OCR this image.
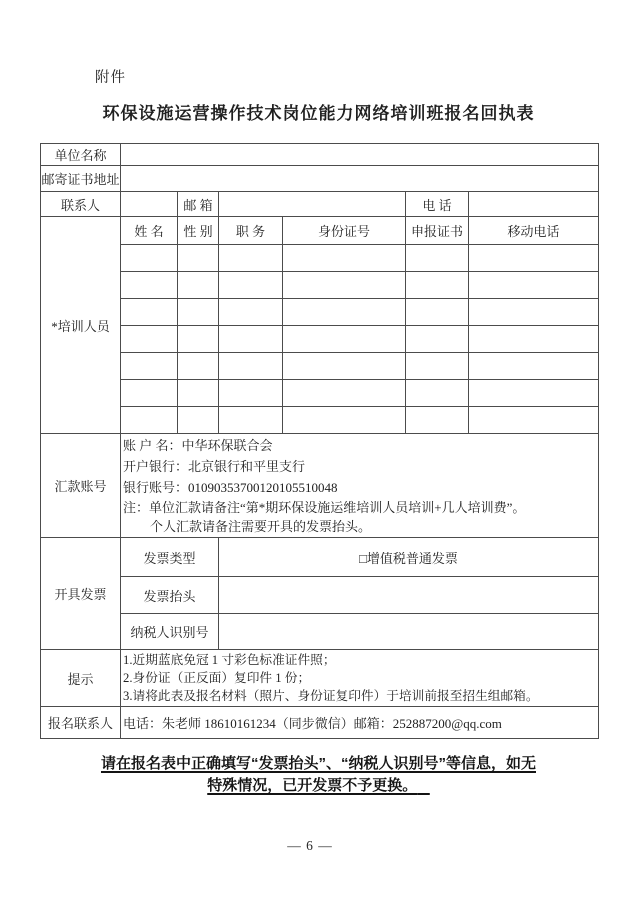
附件
环保设施运营操作技术岗位能力网络培训班报名回执表
单位名称						
邮寄证书地址						
联系人		邮 箱			电 话	
*培训人员	姓 名	性 别	职 务	身份证号	申报证书	移动电话

汇款账号	账 户 名：中华环保联合会
开户银行：北京银行和平里支行
银行账号：01090353700120105510048
注：单位汇款请备注“第*期环保设施运维培训人员培训+几人培训费”。
个人汇款请备注需要开具的发票抬头。					

开具发票	发票类型		□增值税普通发票			
	发票抬头					
	纳税人识别号					
提示	1.近期蓝底免冠 1 寸彩色标准证件照；
2.身份证（正反面）复印件 1 份；
3.请将此表及报名材料（照片、身份证复印件）于培训前报至招生组邮箱。					

报名联系人	电话：朱老师 18610161234（同步微信）邮箱：252887200@qq.com					
请在报名表中正确填写“发票抬头”、“纳税人识别号”等信息，如无
特殊情况，已开发票不予更换。
— 6 —
